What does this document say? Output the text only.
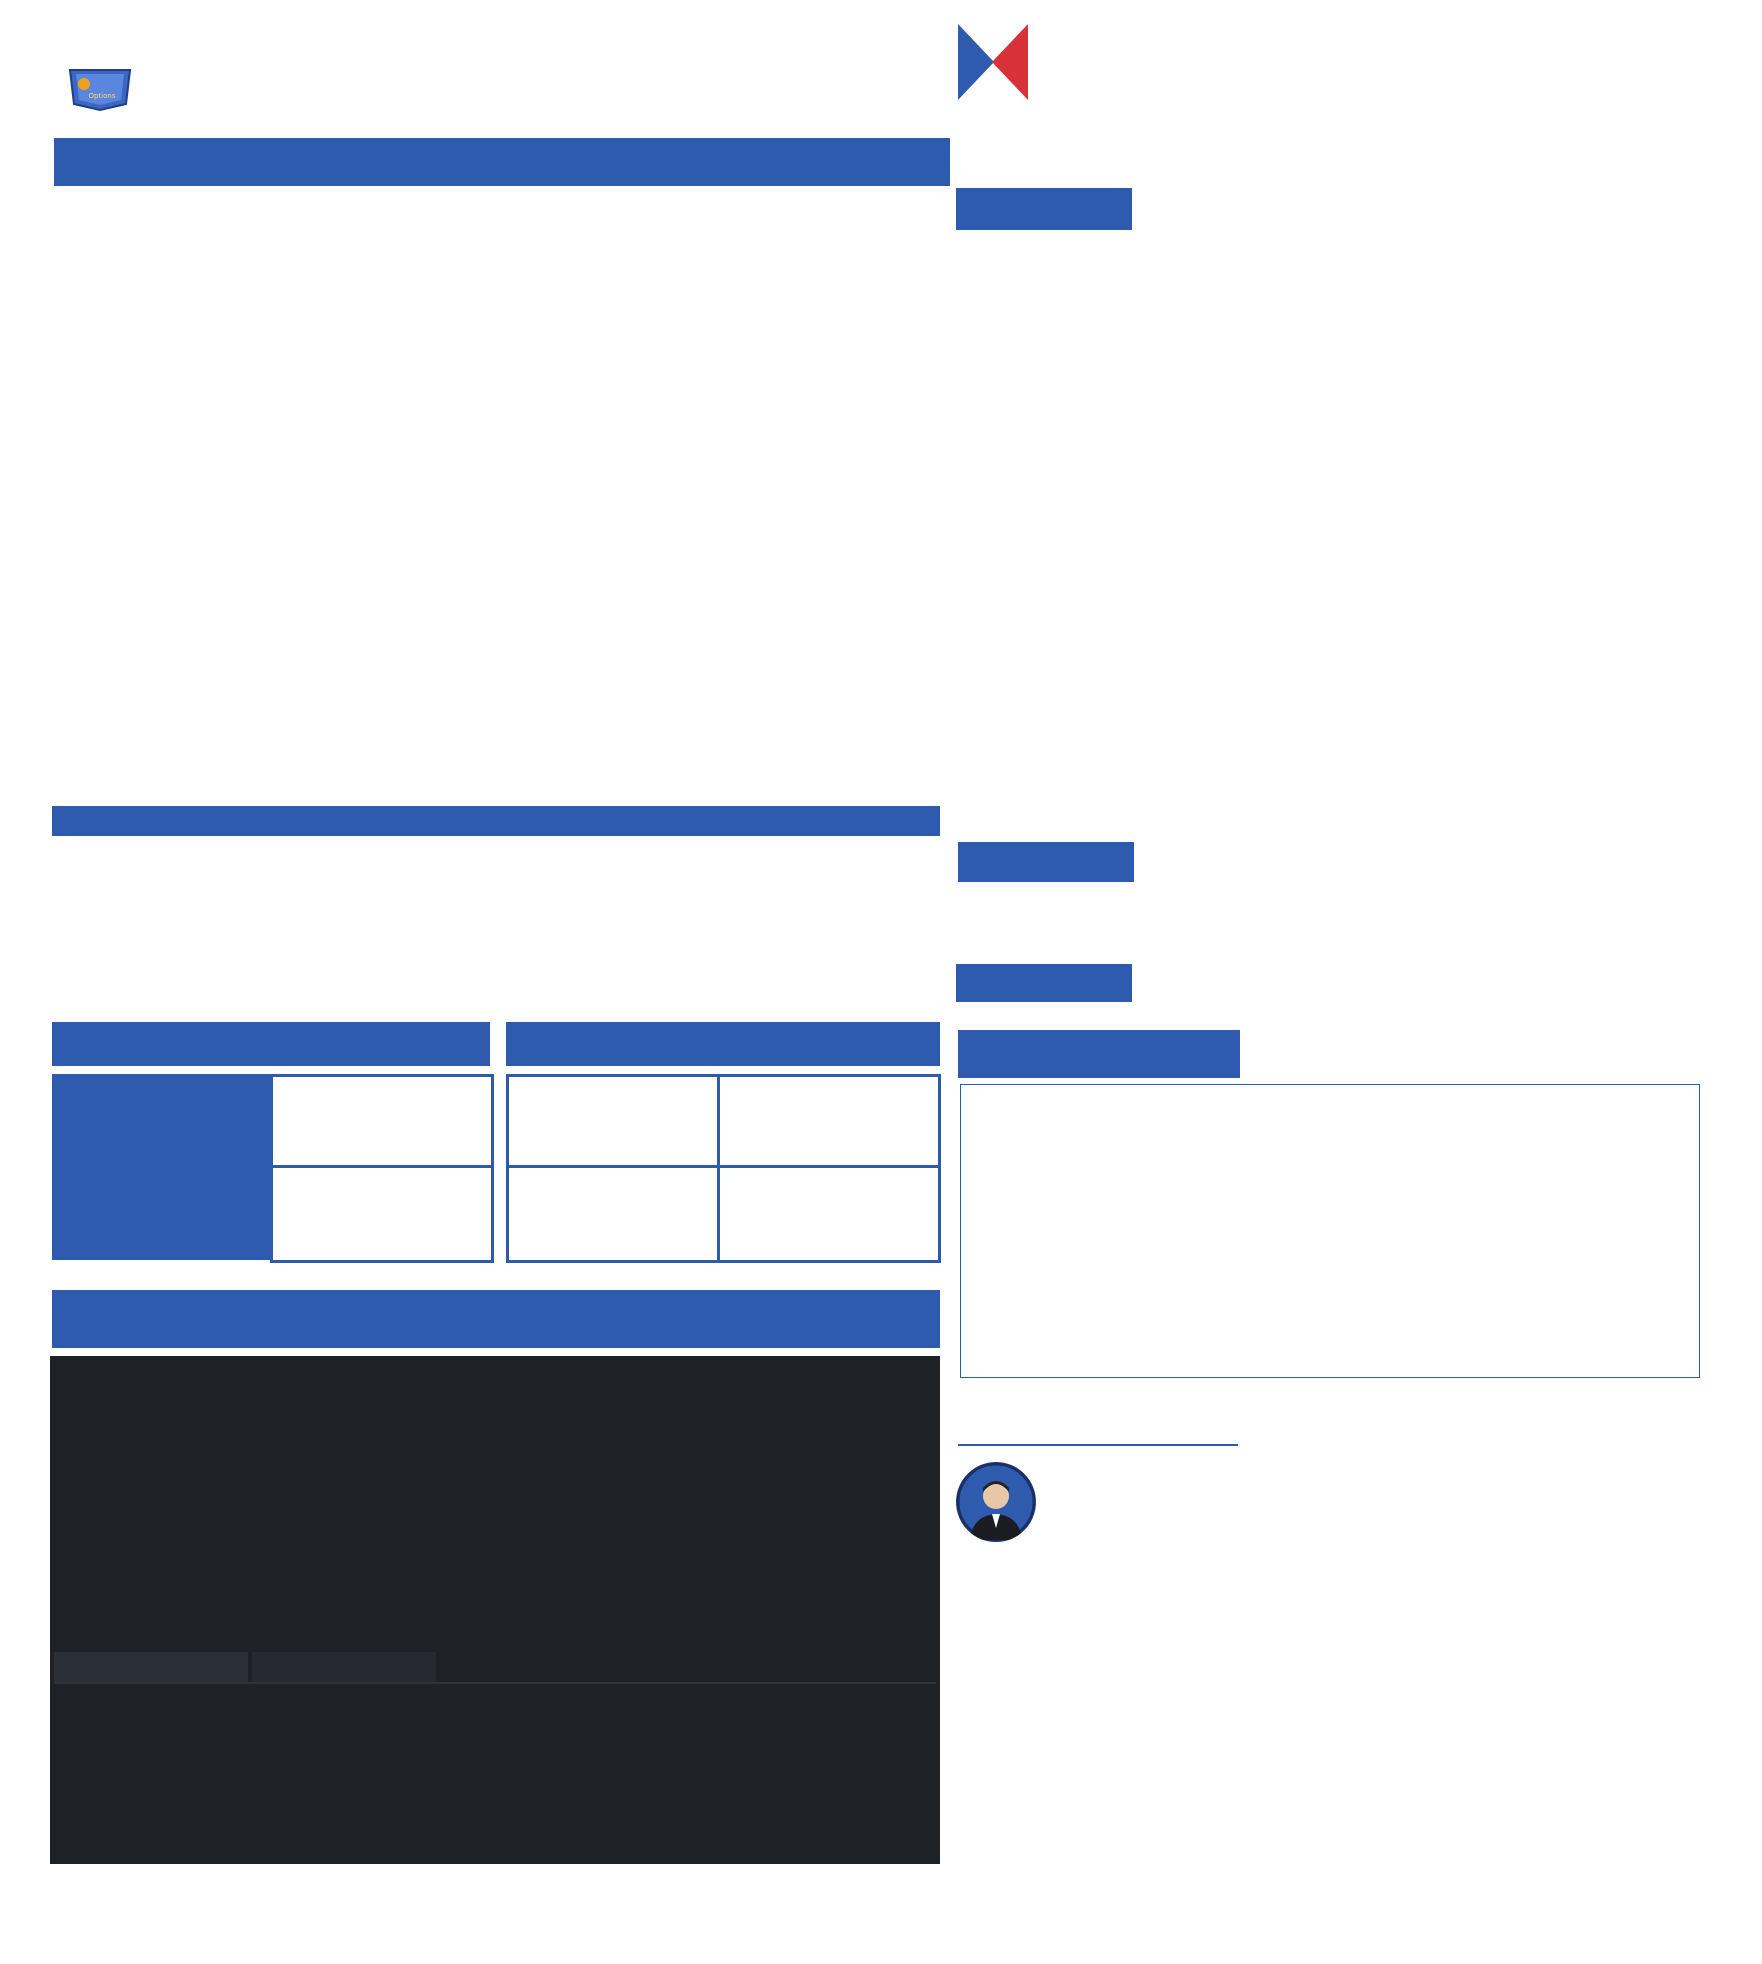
Options
